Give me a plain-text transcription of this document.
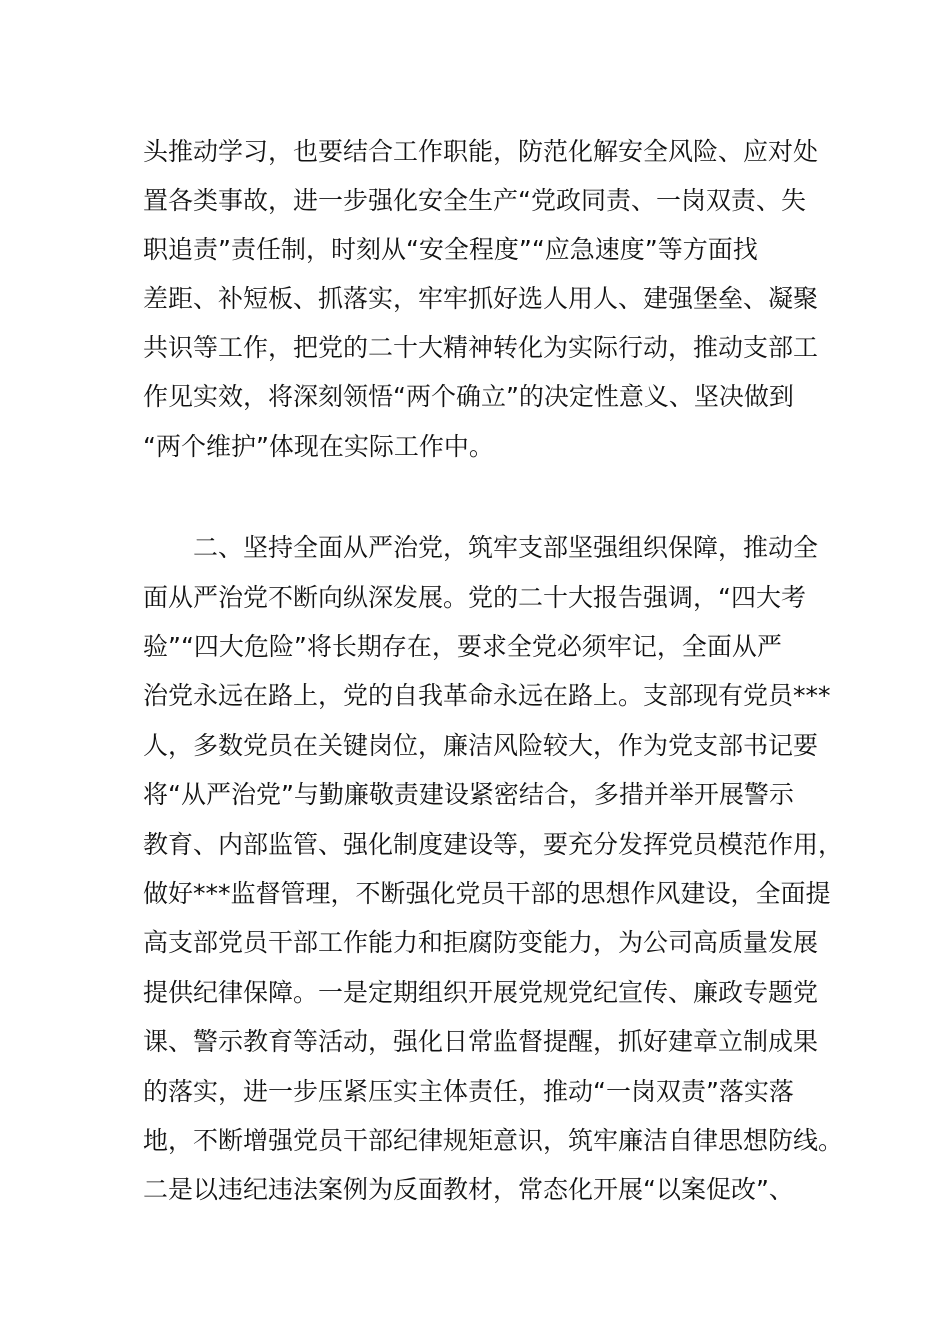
头推动学习，也要结合工作职能，防范化解安全风险、应对处

置各类事故，进一步强化安全生产“党政同责、一岗双责、失

职追责”责任制，时刻从“安全程度”“应急速度”等方面找

差距、补短板、抓落实，牢牢抓好选人用人、建强堡垒、凝聚

共识等工作，把党的二十大精神转化为实际行动，推动支部工

作见实效，将深刻领悟“两个确立”的决定性意义、坚决做到

“两个维护”体现在实际工作中。

　　二、坚持全面从严治党，筑牢支部坚强组织保障，推动全

面从严治党不断向纵深发展。党的二十大报告强调，“四大考

验”“四大危险”将长期存在，要求全党必须牢记，全面从严

治党永远在路上，党的自我革命永远在路上。支部现有党员***

人，多数党员在关键岗位，廉洁风险较大，作为党支部书记要

将“从严治党”与勤廉敬责建设紧密结合，多措并举开展警示

教育、内部监管、强化制度建设等，要充分发挥党员模范作用，

做好***监督管理，不断强化党员干部的思想作风建设，全面提

高支部党员干部工作能力和拒腐防变能力，为公司高质量发展

提供纪律保障。一是定期组织开展党规党纪宣传、廉政专题党

课、警示教育等活动，强化日常监督提醒，抓好建章立制成果

的落实，进一步压紧压实主体责任，推动“一岗双责”落实落

地，不断增强党员干部纪律规矩意识，筑牢廉洁自律思想防线。

二是以违纪违法案例为反面教材，常态化开展“以案促改”、
